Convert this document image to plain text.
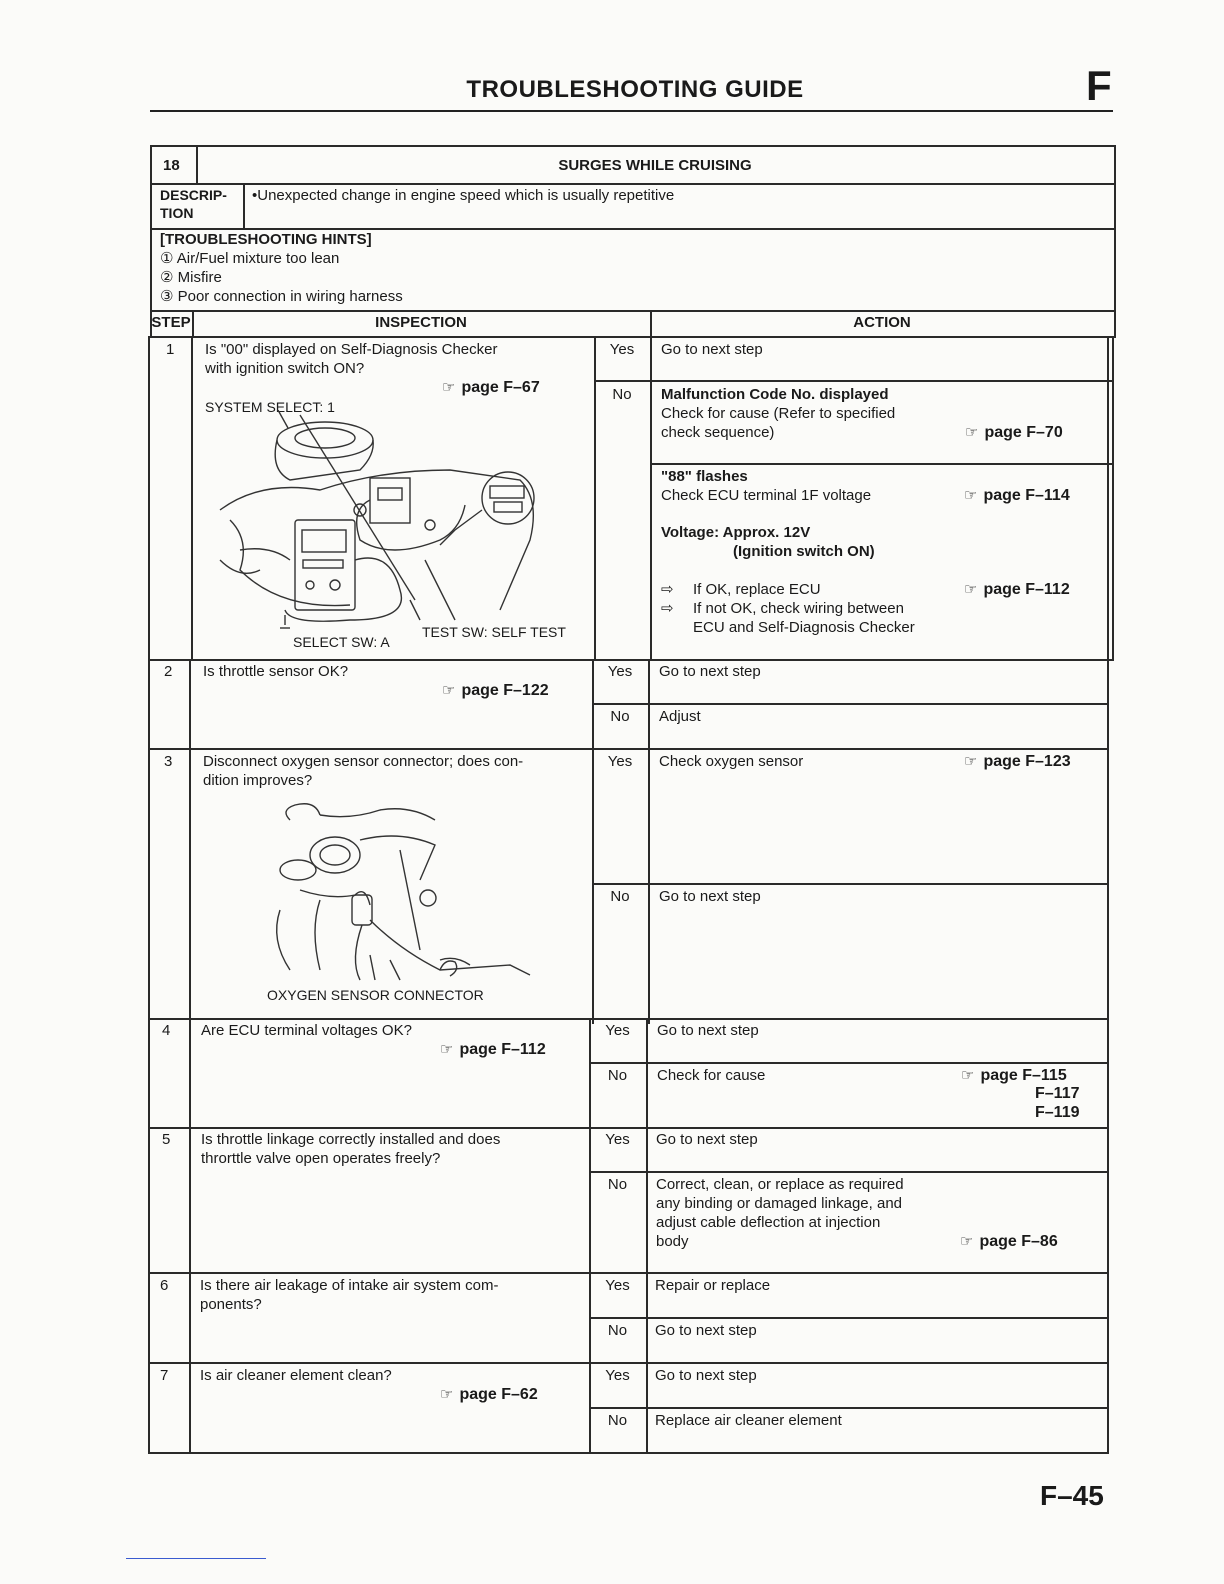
TROUBLESHOOTING GUIDE	F
18	SURGES WHILE CRUISING
DESCRIP-
TION
•Unexpected change in engine speed which is usually repetitive
[TROUBLESHOOTING HINTS]
① Air/Fuel mixture too lean
② Misfire
③ Poor connection in wiring harness
STEP	INSPECTION	ACTION
1 Is "00" displayed on Self-Diagnosis Checker
with ignition switch ON?
☞ page F–67
SYSTEM SELECT: 1
SELECT SW: A
TEST SW: SELF TEST
Yes	Go to next step
No	Malfunction Code No. displayed
Check for cause (Refer to specified
check sequence)	☞ page F–70
"88" flashes
Check ECU terminal 1F voltage	☞ page F–114
Voltage: Approx. 12V
(Ignition switch ON)
⇨ If OK, replace ECU	☞ page F–112
⇨ If not OK, check wiring between
ECU and Self-Diagnosis Checker
2 Is throttle sensor OK?
☞ page F–122
Yes	Go to next step
No	Adjust
3 Disconnect oxygen sensor connector; does con-
dition improves?
OXYGEN SENSOR CONNECTOR
Yes	Check oxygen sensor	☞ page F–123
No	Go to next step
4 Are ECU terminal voltages OK?
☞ page F–112
Yes	Go to next step
No	Check for cause	☞ page F–115
F–117
F–119
5 Is throttle linkage correctly installed and does
throrttle valve open operates freely?
Yes	Go to next step
No	Correct, clean, or replace as required
any binding or damaged linkage, and
adjust cable deflection at injection
body	☞ page F–86
6 Is there air leakage of intake air system com-
ponents?
Yes	Repair or replace
No	Go to next step
7 Is air cleaner element clean?
☞ page F–62
Yes	Go to next step
No	Replace air cleaner element
F–45
